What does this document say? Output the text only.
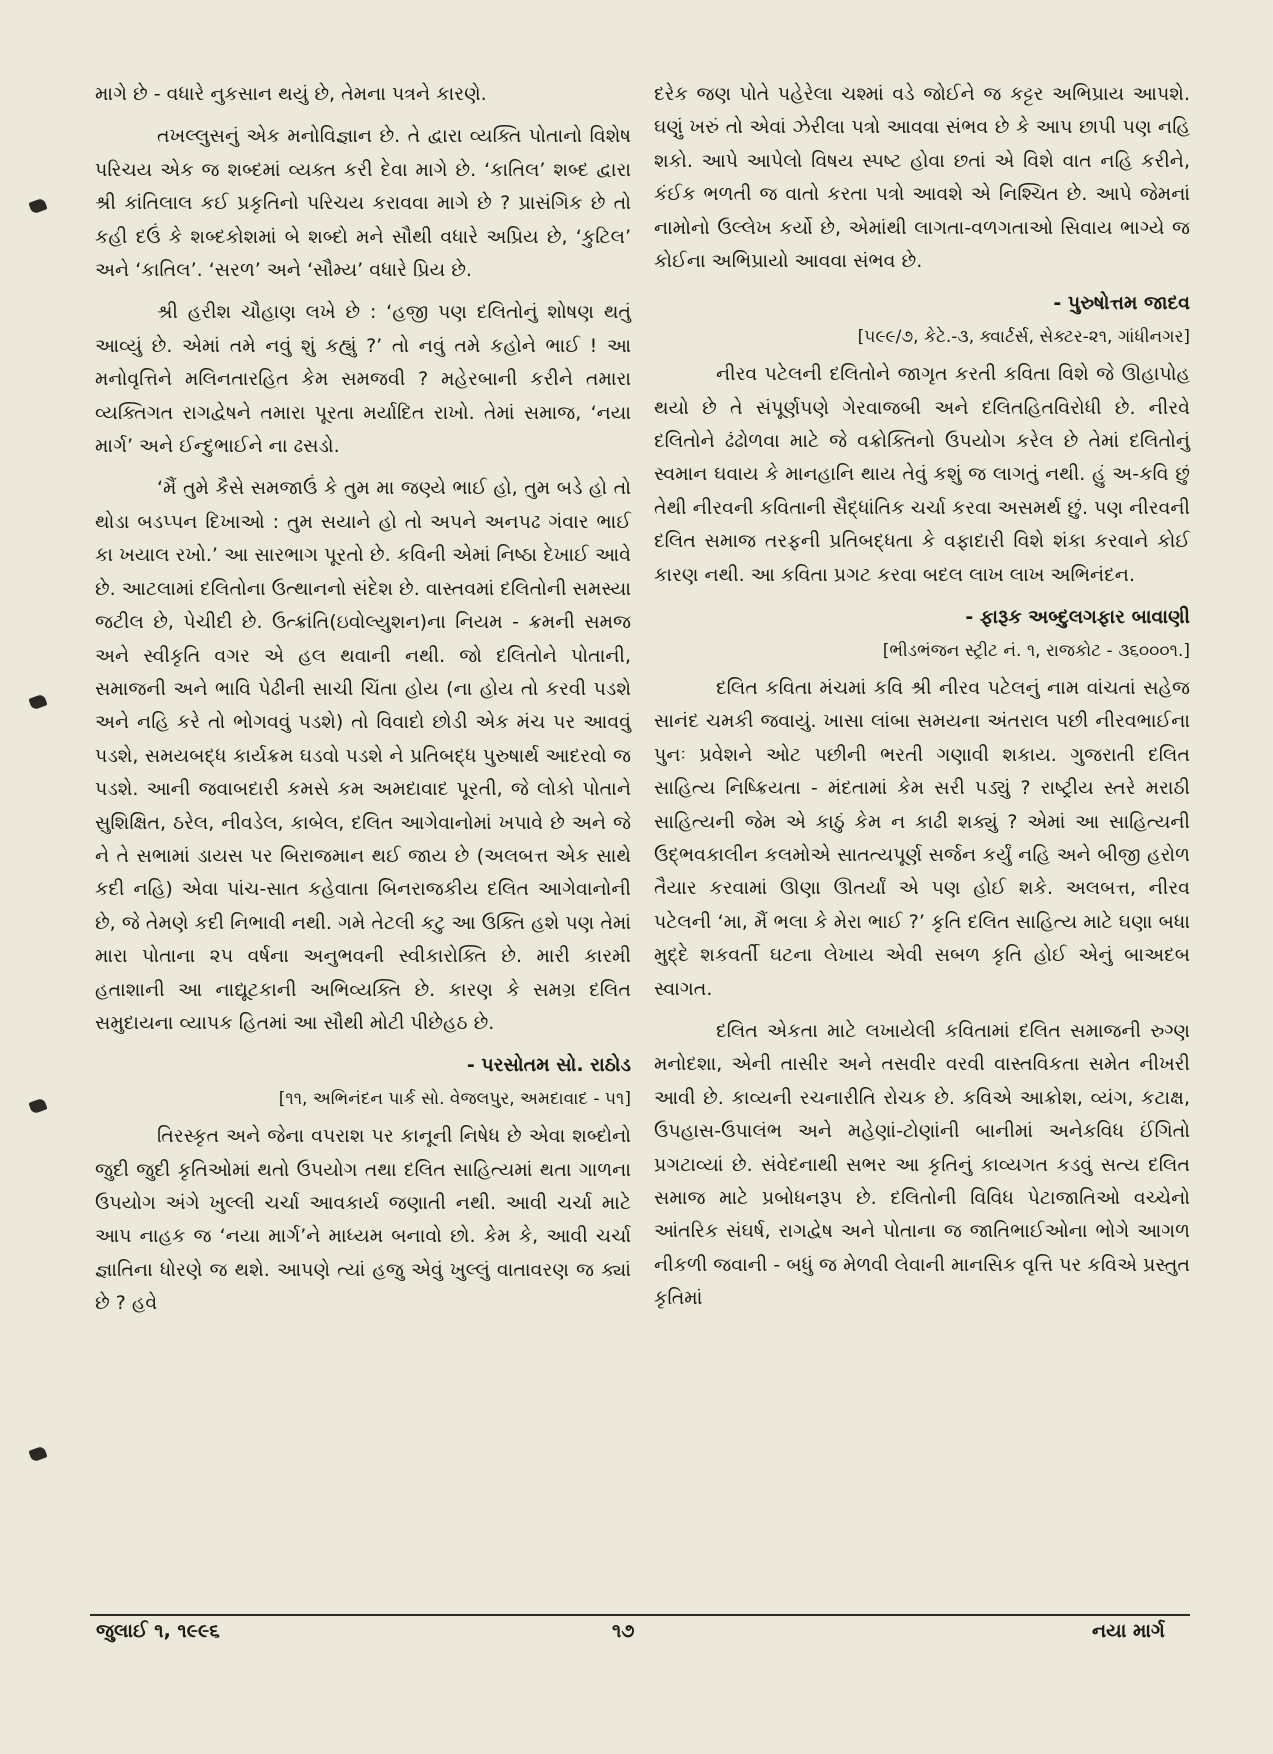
માગે છે - વધારે નુકસાન થયું છે, તેમના પત્રને કારણે.

તખલ્લુસનું એક મનોવિજ્ઞાન છે. તે દ્વારા વ્યક્તિ પોતાનો વિશેષ પરિચય એક જ શબ્દમાં વ્યક્ત કરી દેવા માગે છે. ‘કાતિલ’ શબ્દ દ્વારા શ્રી કાંતિલાલ કઈ પ્રકૃતિનો પરિચય કરાવવા માગે છે ? પ્રાસંગિક છે તો કહી દઉં કે શબ્દકોશમાં બે શબ્દો મને સૌથી વધારે અપ્રિય છે, ‘કુટિલ’ અને ‘કાતિલ’. ‘સરળ’ અને ‘સૌમ્ય’ વધારે પ્રિય છે.

શ્રી હરીશ ચૌહાણ લખે છે : ‘હજી પણ દલિતોનું શોષણ થતું આવ્યું છે. એમાં તમે નવું શું કહ્યું ?’ તો નવું તમે કહોને ભાઈ ! આ મનોવૃત્તિને મલિનતારહિત કેમ સમજવી ? મહેરબાની કરીને તમારા વ્યક્તિગત રાગદ્વેષને તમારા પૂરતા મર્યાદિત રાખો. તેમાં સમાજ, ‘નયા માર્ગ’ અને ઈન્દુભાઈને ના ઢસડો.

‘મૈં તુમે કૈસે સમજાઉં કે તુમ મા જણ્યે ભાઈ હો, તુમ બડે હો તો થોડા બડપ્પન દિખાઓ : તુમ સયાને હો તો અપને અનપઢ ગંવાર ભાઈ કા ખયાલ રખો.’ આ સારભાગ પૂરતો છે. કવિની એમાં નિષ્ઠા દેખાઈ આવે છે. આટલામાં દલિતોના ઉત્થાનનો સંદેશ છે. વાસ્તવમાં દલિતોની સમસ્યા જટીલ છે, પેચીદી છે. ઉત્ક્રાંતિ(ઇવોલ્યુશન)ના નિયમ - ક્રમની સમજ અને સ્વીકૃતિ વગર એ હલ થવાની નથી. જો દલિતોને પોતાની, સમાજની અને ભાવિ પેઢીની સાચી ચિંતા હોય (ના હોય તો કરવી પડશે અને નહિ કરે તો ભોગવવું પડશે) તો વિવાદો છોડી એક મંચ પર આવવું પડશે, સમયબદ્ધ કાર્યક્રમ ઘડવો પડશે ને પ્રતિબદ્ધ પુરુષાર્થ આદરવો જ પડશે. આની જવાબદારી કમસે કમ અમદાવાદ પૂરતી, જે લોકો પોતાને સુશિક્ષિત, ઠરેલ, નીવડેલ, કાબેલ, દલિત આગેવાનોમાં ખપાવે છે અને જે ને તે સભામાં ડાયસ પર બિરાજમાન થઈ જાય છે (અલબત્ત એક સાથે કદી નહિ) એવા પાંચ-સાત કહેવાતા બિનરાજકીય દલિત આગેવાનોની છે, જે તેમણે કદી નિભાવી નથી. ગમે તેટલી કટુ આ ઉક્તિ હશે પણ તેમાં મારા પોતાના ૨૫ વર્ષના અનુભવની સ્વીકારોક્તિ છે. મારી કારમી હતાશાની આ નાદ્યૂટકાની અભિવ્યક્તિ છે. કારણ કે સમગ્ર દલિત સમુદાયના વ્યાપક હિતમાં આ સૌથી મોટી પીછેહઠ છે.

- પરસોતમ સો. રાઠોડ
[૧૧, અભિનંદન પાર્ક સો. વેજલપુર, અમદાવાદ - ૫૧]

તિરસ્કૃત અને જેના વપરાશ પર કાનૂની નિષેધ છે એવા શબ્દોનો જુદી જુદી કૃતિઓમાં થતો ઉપયોગ તથા દલિત સાહિત્યમાં થતા ગાળના ઉપયોગ અંગે ખુલ્લી ચર્ચા આવકાર્ય જણાતી નથી. આવી ચર્ચા માટે આપ નાહક જ ‘નયા માર્ગ’ને માધ્યમ બનાવો છો. કેમ કે, આવી ચર્ચા જ્ઞાતિના ધોરણે જ થશે. આપણે ત્યાં હજુ એવું ખુલ્લું વાતાવરણ જ ક્યાં છે ? હવે

દરેક જણ પોતે પહેરેલા ચશ્માં વડે જોઈને જ કટ્ટર અભિપ્રાય આપશે. ઘણું ખરું તો એવાં ઝેરીલા પત્રો આવવા સંભવ છે કે આપ છાપી પણ નહિ શકો. આપે આપેલો વિષય સ્પષ્ટ હોવા છતાં એ વિશે વાત નહિ કરીને, કંઈક ભળતી જ વાતો કરતા પત્રો આવશે એ નિશ્ચિત છે. આપે જેમનાં નામોનો ઉલ્લેખ કર્યો છે, એમાંથી લાગતા-વળગતાઓ સિવાય ભાગ્યે જ કોઈના અભિપ્રાયો આવવા સંભવ છે.

- પુરુષોત્તમ જાદવ
[૫૯૯/૭, કેટે.-૩, ક્વાર્ટર્સ, સેક્ટર-૨૧, ગાંધીનગર]

નીરવ પટેલની દલિતોને જાગૃત કરતી કવિતા વિશે જે ઊહાપોહ થયો છે તે સંપૂર્ણપણે ગેરવાજબી અને દલિતહિતવિરોધી છે. નીરવે દલિતોને ઢંઢોળવા માટે જે વક્રોક્તિનો ઉપયોગ કરેલ છે તેમાં દલિતોનું સ્વમાન ઘવાય કે માનહાનિ થાય તેવું કશું જ લાગતું નથી. હું અ-કવિ છું તેથી નીરવની કવિતાની સૈદ્ધાંતિક ચર્ચા કરવા અસમર્થ છું. પણ નીરવની દલિત સમાજ તરફની પ્રતિબદ્ધતા કે વફાદારી વિશે શંકા કરવાને કોઈ કારણ નથી. આ કવિતા પ્રગટ કરવા બદલ લાખ લાખ અભિનંદન.

- ફારૂક અબ્દુલગફાર બાવાણી
[ભીડભંજન સ્ટ્રીટ નં. ૧, રાજકોટ - ૩૬૦૦૦૧.]

દલિત કવિતા મંચમાં કવિ શ્રી નીરવ પટેલનું નામ વાંચતાં સહેજ સાનંદ ચમકી જવાયું. ખાસા લાંબા સમયના અંતરાલ પછી નીરવભાઈના પુનઃ પ્રવેશને ઓટ પછીની ભરતી ગણાવી શકાય. ગુજરાતી દલિત સાહિત્ય નિષ્ક્રિયતા - મંદતામાં કેમ સરી પડ્યું ? રાષ્ટ્રીય સ્તરે મરાઠી સાહિત્યની જેમ એ કાઠું કેમ ન કાઢી શક્યું ? એમાં આ સાહિત્યની ઉદ્ભવકાલીન કલમોએ સાતત્યપૂર્ણ સર્જન કર્યું નહિ અને બીજી હરોળ તૈયાર કરવામાં ઊણા ઊતર્યાં એ પણ હોઈ શકે. અલબત્ત, નીરવ પટેલની ‘મા, મૈં ભલા કે મેરા ભાઈ ?’ કૃતિ દલિત સાહિત્ય માટે ઘણા બધા મુદ્દે શકવર્તી ઘટના લેખાય એવી સબળ કૃતિ હોઈ એનું બાઅદબ સ્વાગત.

દલિત એકતા માટે લખાયેલી કવિતામાં દલિત સમાજની રુગ્ણ મનોદશા, એની તાસીર અને તસવીર વરવી વાસ્તવિકતા સમેત નીખરી આવી છે. કાવ્યની રચનારીતિ રોચક છે. કવિએ આક્રોશ, વ્યંગ, કટાક્ષ, ઉપહાસ-ઉપાલંભ અને મહેણાં-ટોણાંની બાનીમાં અનેકવિધ ઈંગિતો પ્રગટાવ્યાં છે. સંવેદનાથી સભર આ કૃતિનું કાવ્યગત કડવું સત્ય દલિત સમાજ માટે પ્રબોધનરૂપ છે. દલિતોની વિવિધ પેટાજાતિઓ વચ્ચેનો આંતરિક સંઘર્ષ, રાગદ્વેષ અને પોતાના જ જાતિભાઈઓના ભોગે આગળ નીકળી જવાની - બધું જ મેળવી લેવાની માનસિક વૃત્તિ પર કવિએ પ્રસ્તુત કૃતિમાં

જુલાઈ ૧, ૧૯૯૬	૧૭	નયા માર્ગ
